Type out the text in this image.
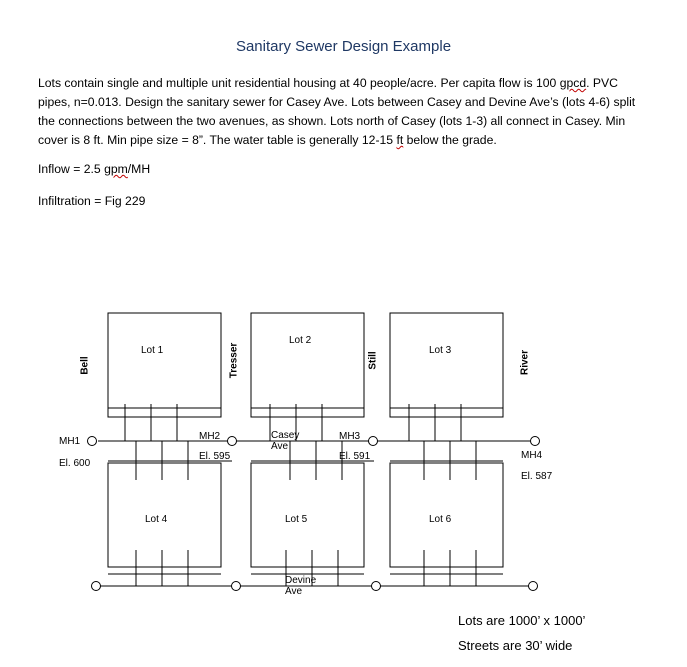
Sanitary Sewer Design Example
Lots contain single and multiple unit residential housing at 40 people/acre. Per capita flow is 100 gpcd. PVC pipes, n=0.013. Design the sanitary sewer for Casey Ave. Lots between Casey and Devine Ave’s (lots 4-6) split the connections between the two avenues, as shown. Lots north of Casey (lots 1-3) all connect in Casey. Min cover is 8 ft. Min pipe size = 8”. The water table is generally 12-15 ft below the grade.
Inflow = 2.5 gpm/MH
Infiltration = Fig 229
Bell	Tresser	Still	River
Lot 1
Lot 2
Lot 3
Lot 4	Lot 5	Lot 6
Casey
Ave
Devine
Ave
MH1
El. 600
MH2
El. 595
MH3
El. 591	MH4
El. 587
Lots are 1000’ x 1000’
Streets are 30’ wide
